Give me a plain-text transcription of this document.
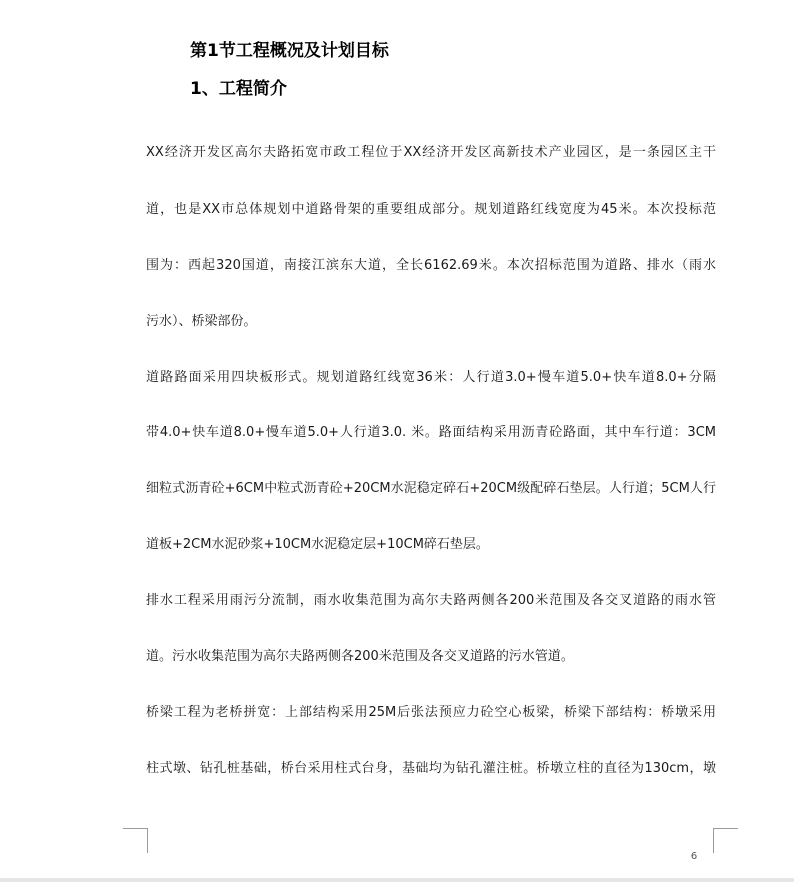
第1节工程概况及计划目标
1、工程简介
XX经济开发区高尔夫路拓宽市政工程位于XX经济开发区高新技术产业园区，是一条园区主干
道，也是XX市总体规划中道路骨架的重要组成部分。规划道路红线宽度为45米。本次投标范
围为：西起320国道，南接江滨东大道，全长6162.69米。本次招标范围为道路、排水（雨水
污水）、桥梁部份。
道路路面采用四块板形式。规划道路红线宽36米：人行道3.0+慢车道5.0+快车道8.0+分隔
带4.0+快车道8.0+慢车道5.0+人行道3.0. 米。路面结构采用沥青砼路面，其中车行道：3CM
细粒式沥青砼+6CM中粒式沥青砼+20CM水泥稳定碎石+20CM级配碎石垫层。人行道；5CM人行
道板+2CM水泥砂浆+10CM水泥稳定层+10CM碎石垫层。
排水工程采用雨污分流制，雨水收集范围为高尔夫路两侧各200米范围及各交叉道路的雨水管
道。污水收集范围为高尔夫路两侧各200米范围及各交叉道路的污水管道。
桥梁工程为老桥拼宽：上部结构采用25M后张法预应力砼空心板梁，桥梁下部结构：桥墩采用
柱式墩、钻孔桩基础，桥台采用柱式台身，基础均为钻孔灌注桩。桥墩立柱的直径为130cm，墩
6
